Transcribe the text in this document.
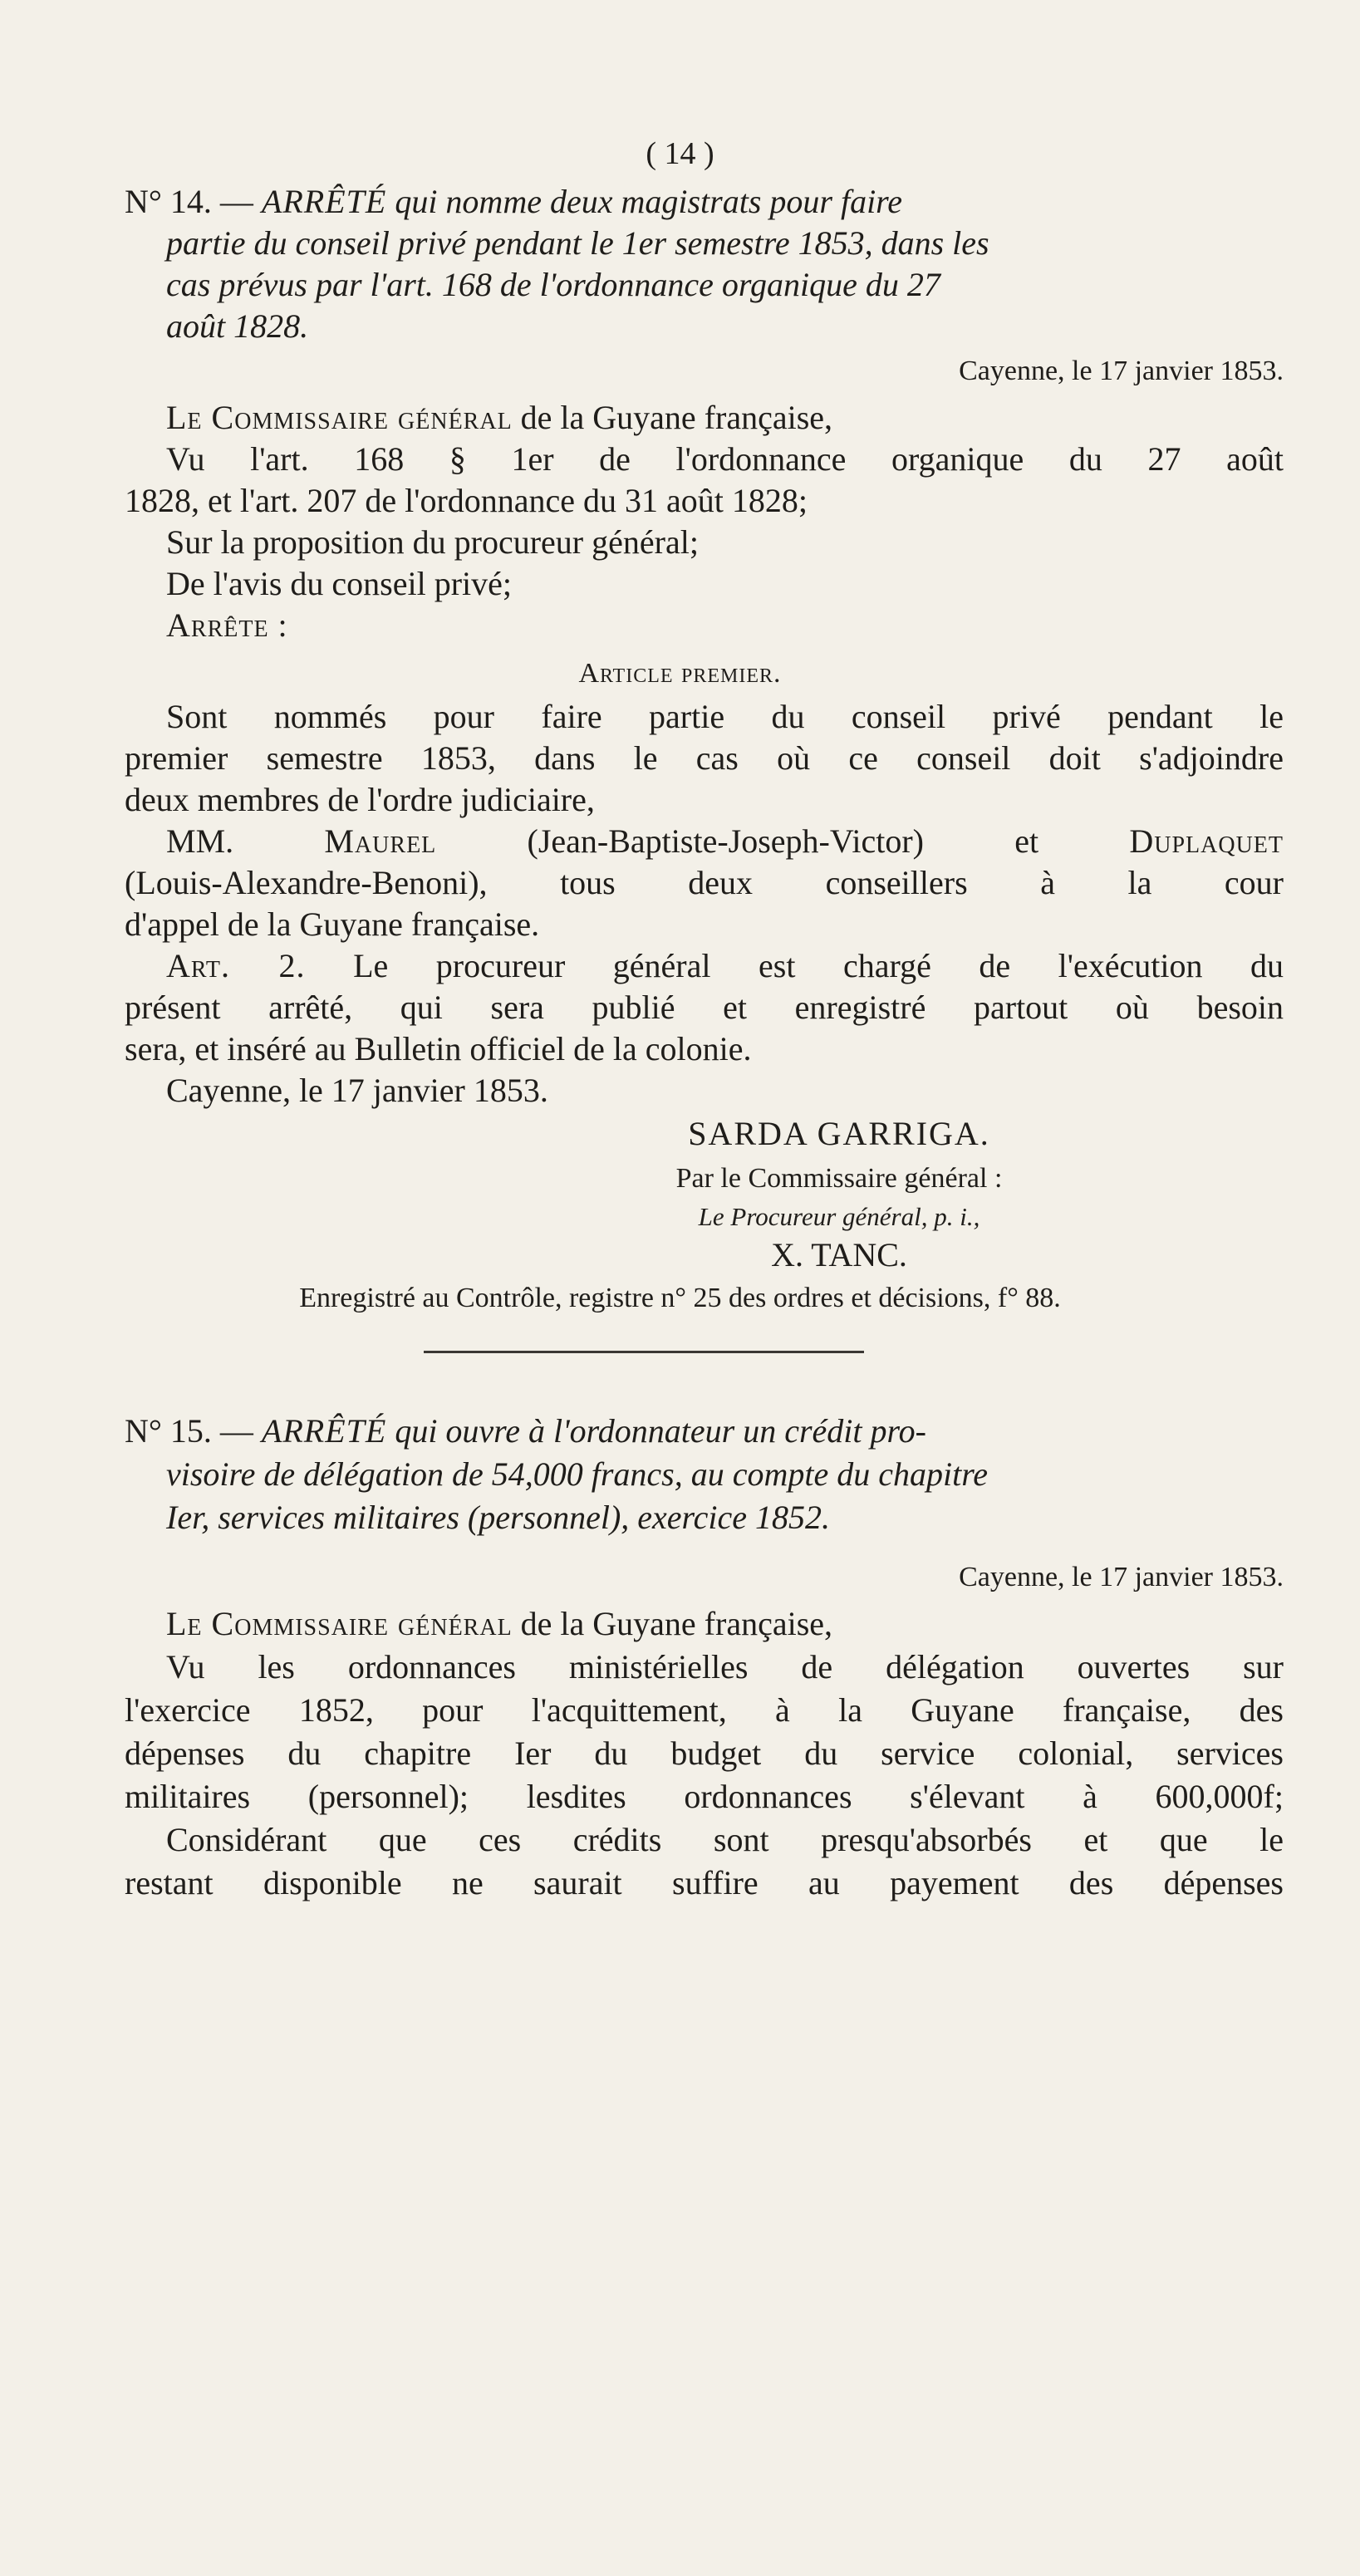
( 14 )
N° 14. — ARRÊTÉ qui nomme deux magistrats pour faire
partie du conseil privé pendant le 1er semestre 1853, dans les
cas prévus par l'art. 168 de l'ordonnance organique du 27
août 1828.
Cayenne, le 17 janvier 1853.
Le Commissaire général de la Guyane française,
Vu l'art. 168 § 1er de l'ordonnance organique du 27 août
1828, et l'art. 207 de l'ordonnance du 31 août 1828;
Sur la proposition du procureur général;
De l'avis du conseil privé;
Arrête :
Article premier.
Sont nommés pour faire partie du conseil privé pendant le
premier semestre 1853, dans le cas où ce conseil doit s'adjoindre
deux membres de l'ordre judiciaire,
MM.	Maurel	(Jean-Baptiste-Joseph-Victor) et	Duplaquet
(Louis-Alexandre-Benoni), tous deux conseillers à la cour
d'appel de la Guyane française.
Art. 2. Le procureur général est chargé de l'exécution du
présent arrêté, qui sera publié et enregistré partout où besoin
sera, et inséré au Bulletin officiel de la colonie.
Cayenne, le 17 janvier 1853.
SARDA GARRIGA.
Par le Commissaire général :
Le Procureur général, p. i.,
X. TANC.
Enregistré au Contrôle, registre n° 25 des ordres et décisions, f° 88.
N° 15. — ARRÊTÉ qui ouvre à l'ordonnateur un crédit pro-
visoire de délégation de 54,000 francs, au compte du chapitre
Ier, services militaires (personnel), exercice 1852.
Cayenne, le 17 janvier 1853.
Le Commissaire général de la Guyane française,
Vu les ordonnances ministérielles de délégation ouvertes sur
l'exercice 1852, pour l'acquittement, à la Guyane française, des
dépenses du chapitre Ier du budget du service colonial, services
militaires (personnel); lesdites ordonnances s'élevant à 600,000f;
Considérant que ces crédits sont presqu'absorbés et que le
restant disponible ne saurait suffire au payement des dépenses
